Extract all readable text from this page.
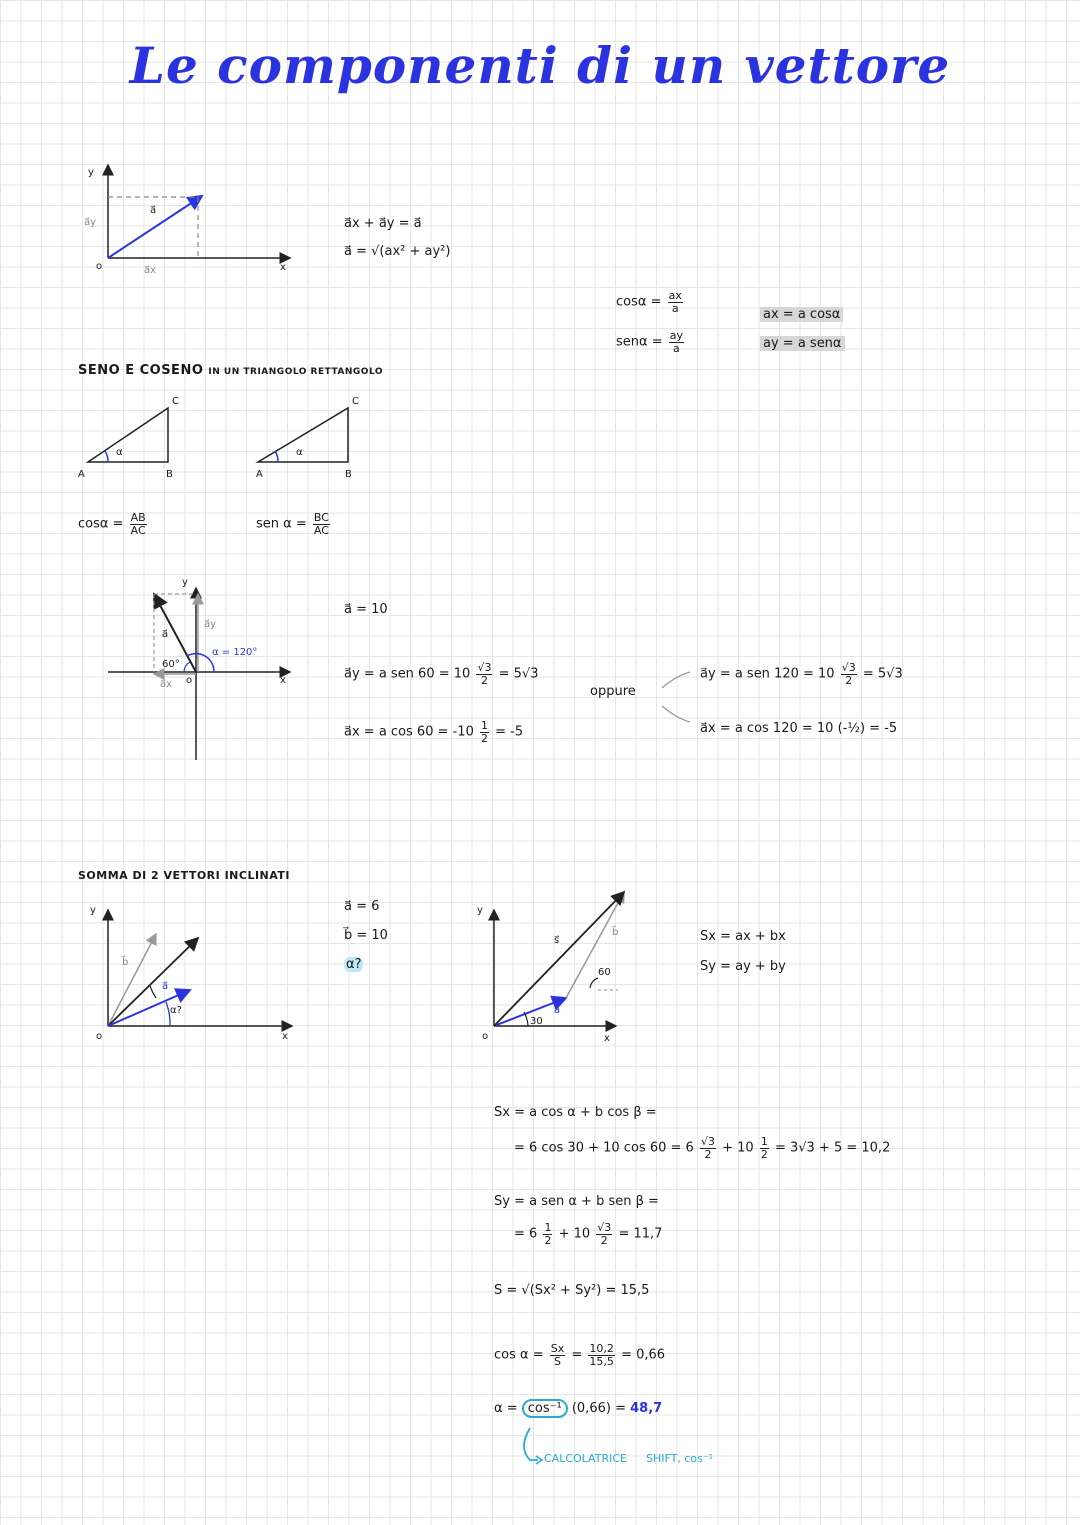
Le componenti di un vettore
y
a⃗y
a⃗
o	a⃗x	x
a⃗x + a⃗y = a⃗
a⃗ = √(ax² + ay²)
$\cos\alpha = \frac{ax}{a}$
$sen\alpha = \frac{ay}{a}$
ax = a cosα
ay = a senα
SENO E COSENO IN UN TRIANGOLO RETTANGOLO
A	B
C
α
A	B
C
α
$\cos\alpha = \frac{AB}{AC}$	sen $\alpha = \frac{BC}{AC}$
y
x
o
a⃗
a⃗y
a⃗x
60°
α = 120°
a⃗ = 10
a⃗y = a sen $60 = 10 \frac{√3}{2} = 5√3$
a⃗x = a $\cos 60 = -10 \frac{1}{2} = -5$
oppure
a⃗y = a sen $120 = 10 \frac{√3}{2} = 5√3$
a⃗x = a cos 120 = 10 (-½) = -5
SOMMA DI 2 VETTORI INCLINATI
y
o	x
b⃗
a⃗
α?
a⃗ = 6
b⃗ = 10
α?
y
o	x
s⃗
b⃗
a⃗
30
60
Sx = ax + bx
Sy = ay + by
Sx = a cos α + b cos β =
= 6 cos 30 + 10 $\cos 60 = 6 \frac{√3}{2} + 10 \frac{1}{2} = 3√3 + 5 = 10,2$
Sy = a sen α + b sen β =
= $6 \frac{1}{2} + 10 \frac{√3}{2} = 11,7$
S = √(Sx² + Sy²) = 15,5
$\cos \alpha = \frac{Sx}{S} = \frac{10,2}{15,5} = 0,66$
α = cos⁻¹ (0,66) = 48,7
CALCOLATRICE SHIFT, cos⁻¹
